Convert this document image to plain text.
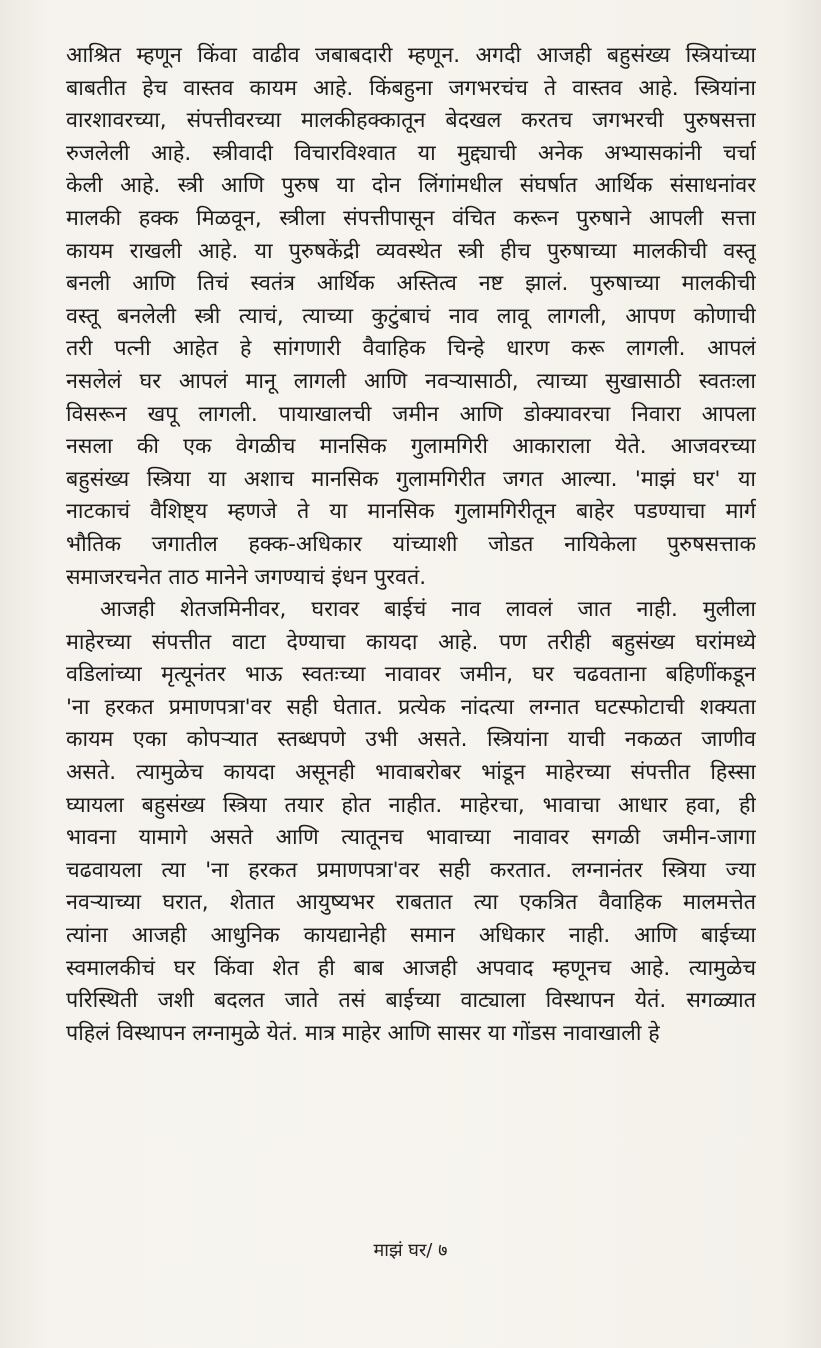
आश्रित म्हणून किंवा वाढीव जबाबदारी म्हणून. अगदी आजही बहुसंख्य स्त्रियांच्या
बाबतीत हेच वास्तव कायम आहे. किंबहुना जगभरचंच ते वास्तव आहे. स्त्रियांना
वारशावरच्या, संपत्तीवरच्या मालकीहक्कातून बेदखल करतच जगभरची पुरुषसत्ता
रुजलेली आहे. स्त्रीवादी विचारविश्वात या मुद्द्याची अनेक अभ्यासकांनी चर्चा
केली आहे. स्त्री आणि पुरुष या दोन लिंगांमधील संघर्षात आर्थिक संसाधनांवर
मालकी हक्क मिळवून, स्त्रीला संपत्तीपासून वंचित करून पुरुषाने आपली सत्ता
कायम राखली आहे. या पुरुषकेंद्री व्यवस्थेत स्त्री हीच पुरुषाच्या मालकीची वस्तू
बनली आणि तिचं स्वतंत्र आर्थिक अस्तित्व नष्ट झालं. पुरुषाच्या मालकीची
वस्तू बनलेली स्त्री त्याचं, त्याच्या कुटुंबाचं नाव लावू लागली, आपण कोणाची
तरी पत्नी आहेत हे सांगणारी वैवाहिक चिन्हे धारण करू लागली. आपलं
नसलेलं घर आपलं मानू लागली आणि नवऱ्यासाठी, त्याच्या सुखासाठी स्वतःला
विसरून खपू लागली. पायाखालची जमीन आणि डोक्यावरचा निवारा आपला
नसला की एक वेगळीच मानसिक गुलामगिरी आकाराला येते. आजवरच्या
बहुसंख्य स्त्रिया या अशाच मानसिक गुलामगिरीत जगत आल्या. 'माझं घर' या
नाटकाचं वैशिष्ट्य म्हणजे ते या मानसिक गुलामगिरीतून बाहेर पडण्याचा मार्ग
भौतिक जगातील हक्क-अधिकार यांच्याशी जोडत नायिकेला पुरुषसत्ताक
समाजरचनेत ताठ मानेने जगण्याचं इंधन पुरवतं.
आजही शेतजमिनीवर, घरावर बाईचं नाव लावलं जात नाही. मुलीला
माहेरच्या संपत्तीत वाटा देण्याचा कायदा आहे. पण तरीही बहुसंख्य घरांमध्ये
वडिलांच्या मृत्यूनंतर भाऊ स्वतःच्या नावावर जमीन, घर चढवताना बहिणींकडून
'ना हरकत प्रमाणपत्रा'वर सही घेतात. प्रत्येक नांदत्या लग्नात घटस्फोटाची शक्यता
कायम एका कोपऱ्यात स्तब्धपणे उभी असते. स्त्रियांना याची नकळत जाणीव
असते. त्यामुळेच कायदा असूनही भावाबरोबर भांडून माहेरच्या संपत्तीत हिस्सा
घ्यायला बहुसंख्य स्त्रिया तयार होत नाहीत. माहेरचा, भावाचा आधार हवा, ही
भावना यामागे असते आणि त्यातूनच भावाच्या नावावर सगळी जमीन-जागा
चढवायला त्या 'ना हरकत प्रमाणपत्रा'वर सही करतात. लग्नानंतर स्त्रिया ज्या
नवऱ्याच्या घरात, शेतात आयुष्यभर राबतात त्या एकत्रित वैवाहिक मालमत्तेत
त्यांना आजही आधुनिक कायद्यानेही समान अधिकार नाही. आणि बाईच्या
स्वमालकीचं घर किंवा शेत ही बाब आजही अपवाद म्हणूनच आहे. त्यामुळेच
परिस्थिती जशी बदलत जाते तसं बाईच्या वाट्याला विस्थापन येतं. सगळ्यात
पहिलं विस्थापन लग्नामुळे येतं. मात्र माहेर आणि सासर या गोंडस नावाखाली हे
माझं घर/ ७
